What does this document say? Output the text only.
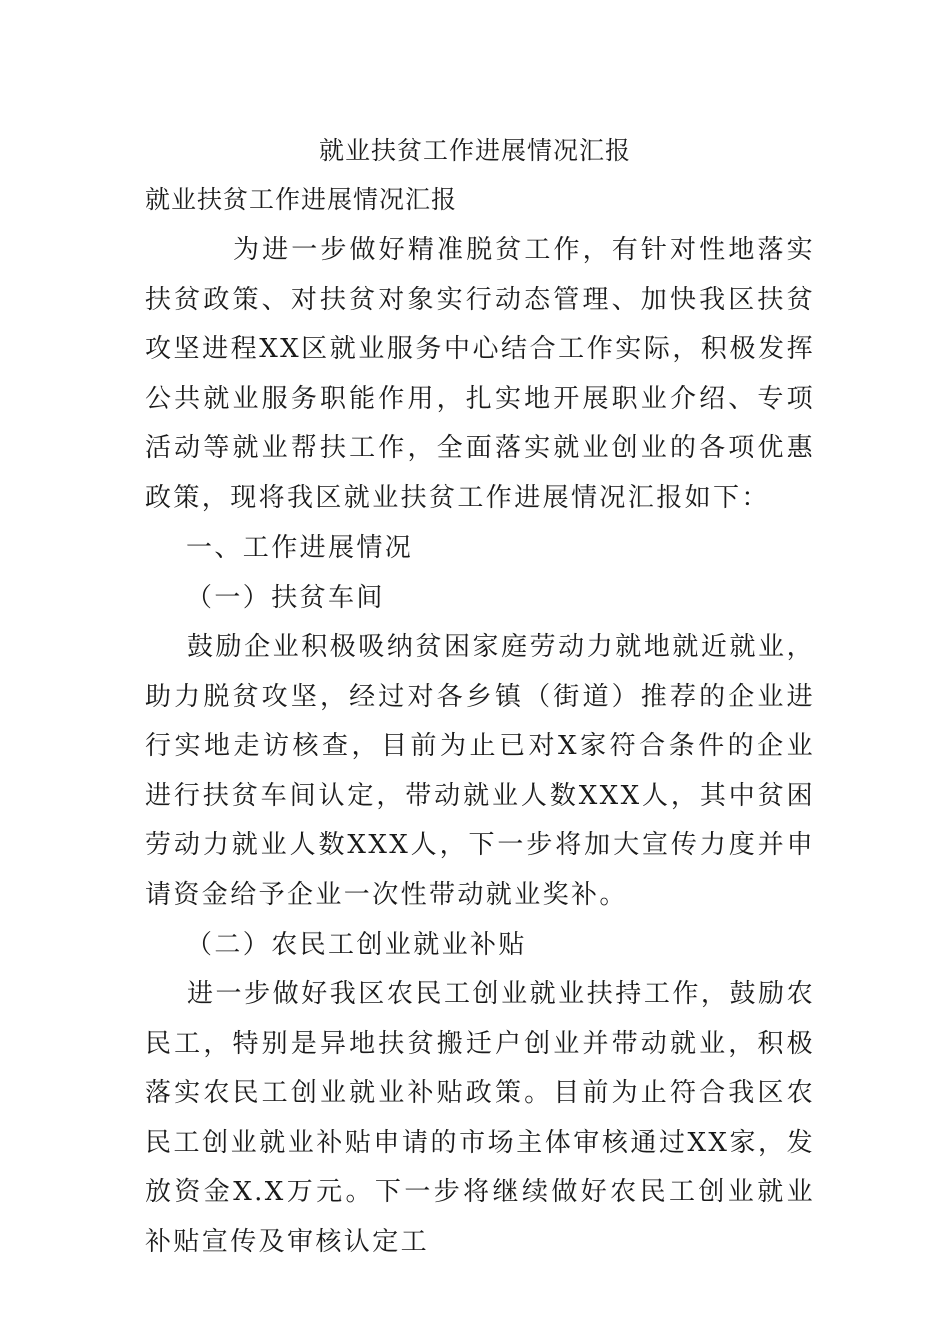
就业扶贫工作进展情况汇报
就业扶贫工作进展情况汇报
为进一步做好精准脱贫工作，有针对性地落实扶贫政策、对扶贫对象实行动态管理、加快我区扶贫攻坚进程XX区就业服务中心结合工作实际，积极发挥公共就业服务职能作用，扎实地开展职业介绍、专项活动等就业帮扶工作，全面落实就业创业的各项优惠政策，现将我区就业扶贫工作进展情况汇报如下：
一、工作进展情况
（一）扶贫车间
鼓励企业积极吸纳贫困家庭劳动力就地就近就业，助力脱贫攻坚，经过对各乡镇（街道）推荐的企业进行实地走访核查，目前为止已对X家符合条件的企业进行扶贫车间认定，带动就业人数XXX人，其中贫困劳动力就业人数XXX人，下一步将加大宣传力度并申请资金给予企业一次性带动就业奖补。
（二）农民工创业就业补贴
进一步做好我区农民工创业就业扶持工作，鼓励农民工，特别是异地扶贫搬迁户创业并带动就业，积极落实农民工创业就业补贴政策。目前为止符合我区农民工创业就业补贴申请的市场主体审核通过XX家，发放资金X.X万元。下一步将继续做好农民工创业就业补贴宣传及审核认定工
